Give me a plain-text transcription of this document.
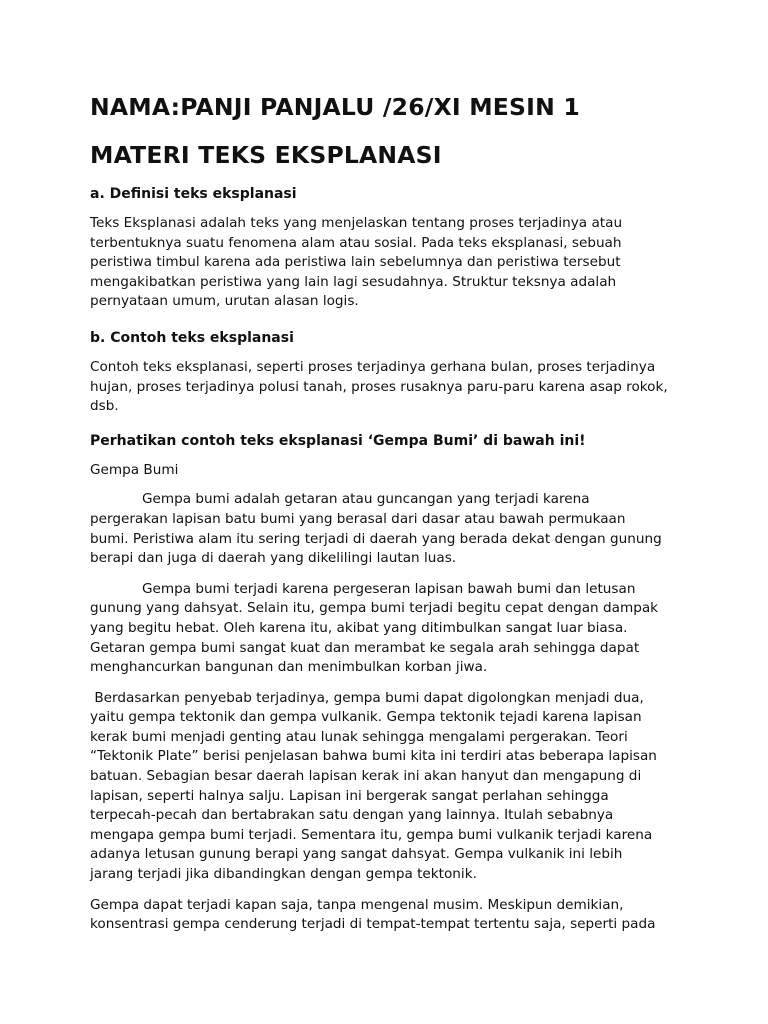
NAMA:PANJI PANJALU /26/XI MESIN 1
MATERI TEKS EKSPLANASI
a. Definisi teks eksplanasi
Teks Eksplanasi adalah teks yang menjelaskan tentang proses terjadinya atau
terbentuknya suatu fenomena alam atau sosial. Pada teks eksplanasi, sebuah
peristiwa timbul karena ada peristiwa lain sebelumnya dan peristiwa tersebut
mengakibatkan peristiwa yang lain lagi sesudahnya. Struktur teksnya adalah
pernyataan umum, urutan alasan logis.
b. Contoh teks eksplanasi
Contoh teks eksplanasi, seperti proses terjadinya gerhana bulan, proses terjadinya
hujan, proses terjadinya polusi tanah, proses rusaknya paru-paru karena asap rokok,
dsb.
Perhatikan contoh teks eksplanasi ‘Gempa Bumi’ di bawah ini!
Gempa Bumi
Gempa bumi adalah getaran atau guncangan yang terjadi karena
pergerakan lapisan batu bumi yang berasal dari dasar atau bawah permukaan
bumi. Peristiwa alam itu sering terjadi di daerah yang berada dekat dengan gunung
berapi dan juga di daerah yang dikelilingi lautan luas.
Gempa bumi terjadi karena pergeseran lapisan bawah bumi dan letusan
gunung yang dahsyat. Selain itu, gempa bumi terjadi begitu cepat dengan dampak
yang begitu hebat. Oleh karena itu, akibat yang ditimbulkan sangat luar biasa.
Getaran gempa bumi sangat kuat dan merambat ke segala arah sehingga dapat
menghancurkan bangunan dan menimbulkan korban jiwa.
Berdasarkan penyebab terjadinya, gempa bumi dapat digolongkan menjadi dua,
yaitu gempa tektonik dan gempa vulkanik. Gempa tektonik tejadi karena lapisan
kerak bumi menjadi genting atau lunak sehingga mengalami pergerakan. Teori
“Tektonik Plate” berisi penjelasan bahwa bumi kita ini terdiri atas beberapa lapisan
batuan. Sebagian besar daerah lapisan kerak ini akan hanyut dan mengapung di
lapisan, seperti halnya salju. Lapisan ini bergerak sangat perlahan sehingga
terpecah-pecah dan bertabrakan satu dengan yang lainnya. Itulah sebabnya
mengapa gempa bumi terjadi. Sementara itu, gempa bumi vulkanik terjadi karena
adanya letusan gunung berapi yang sangat dahsyat. Gempa vulkanik ini lebih
jarang terjadi jika dibandingkan dengan gempa tektonik.
Gempa dapat terjadi kapan saja, tanpa mengenal musim. Meskipun demikian,
konsentrasi gempa cenderung terjadi di tempat-tempat tertentu saja, seperti pada
